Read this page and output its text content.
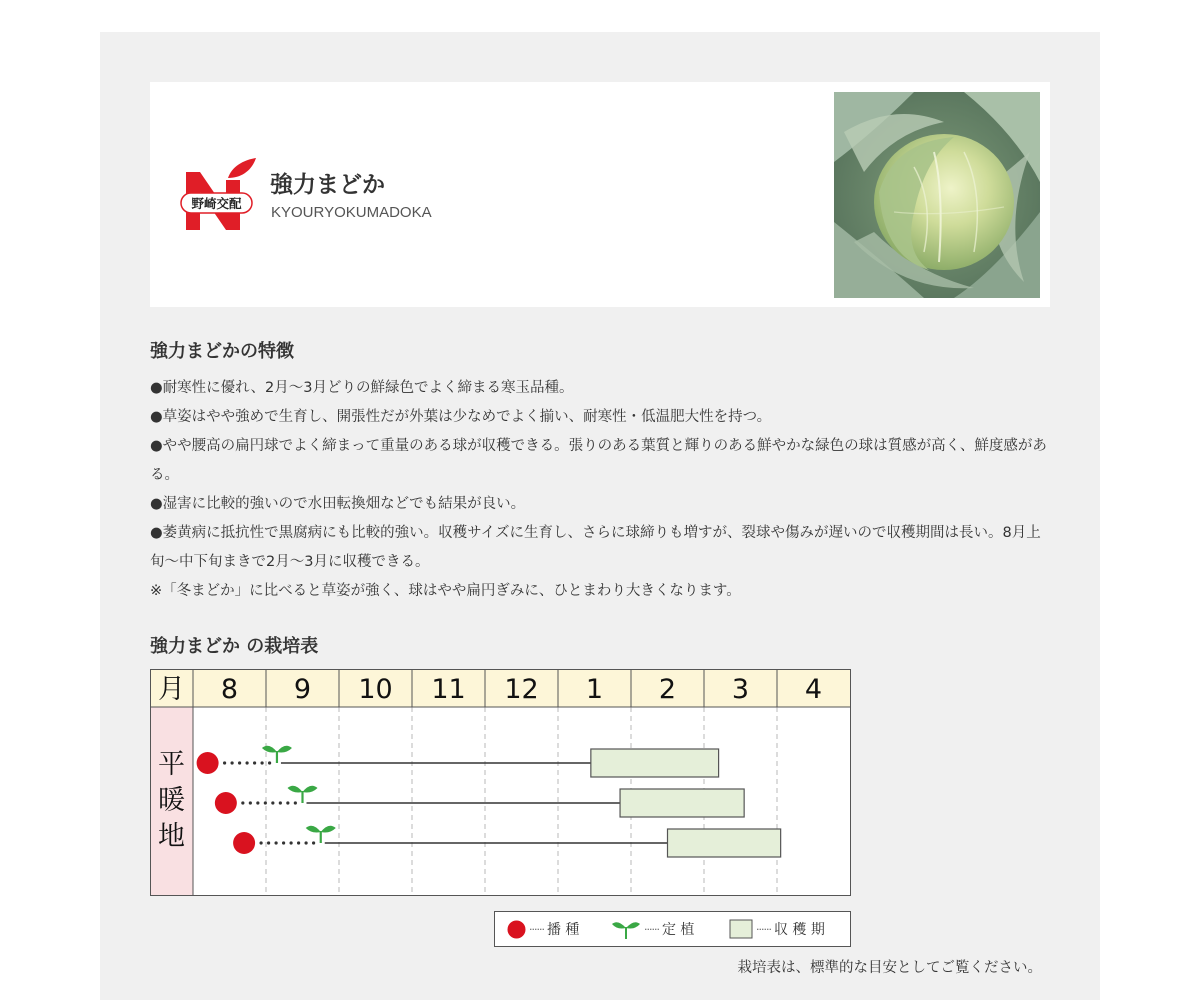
野崎交配
強力まどか
KYOURYOKUMADOKA
強力まどかの特徴

●耐寒性に優れ、2月〜3月どりの鮮緑色でよく締まる寒玉品種。

●草姿はやや強めで生育し、開張性だが外葉は少なめでよく揃い、耐寒性・低温肥大性を持つ。

●やや腰高の扁円球でよく締まって重量のある球が収穫できる。張りのある葉質と輝りのある鮮やかな緑色の球は質感が高く、鮮度感がある。

●湿害に比較的強いので水田転換畑などでも結果が良い。

●萎黄病に抵抗性で黒腐病にも比較的強い。収穫サイズに生育し、さらに球締りも増すが、裂球や傷みが遅いので収穫期間は長い。8月上旬〜中下旬まきで2月〜3月に収穫できる。

※「冬まどか」に比べると草姿が強く、球はやや扁円ぎみに、ひとまわり大きくなります。

強力まどか の栽培表
月 8 9 10 11 12 1 2 3 4
平
暖
地
······ 播 種	······ 定 植	······ 収 穫 期
栽培表は、標準的な目安としてご覧ください。
